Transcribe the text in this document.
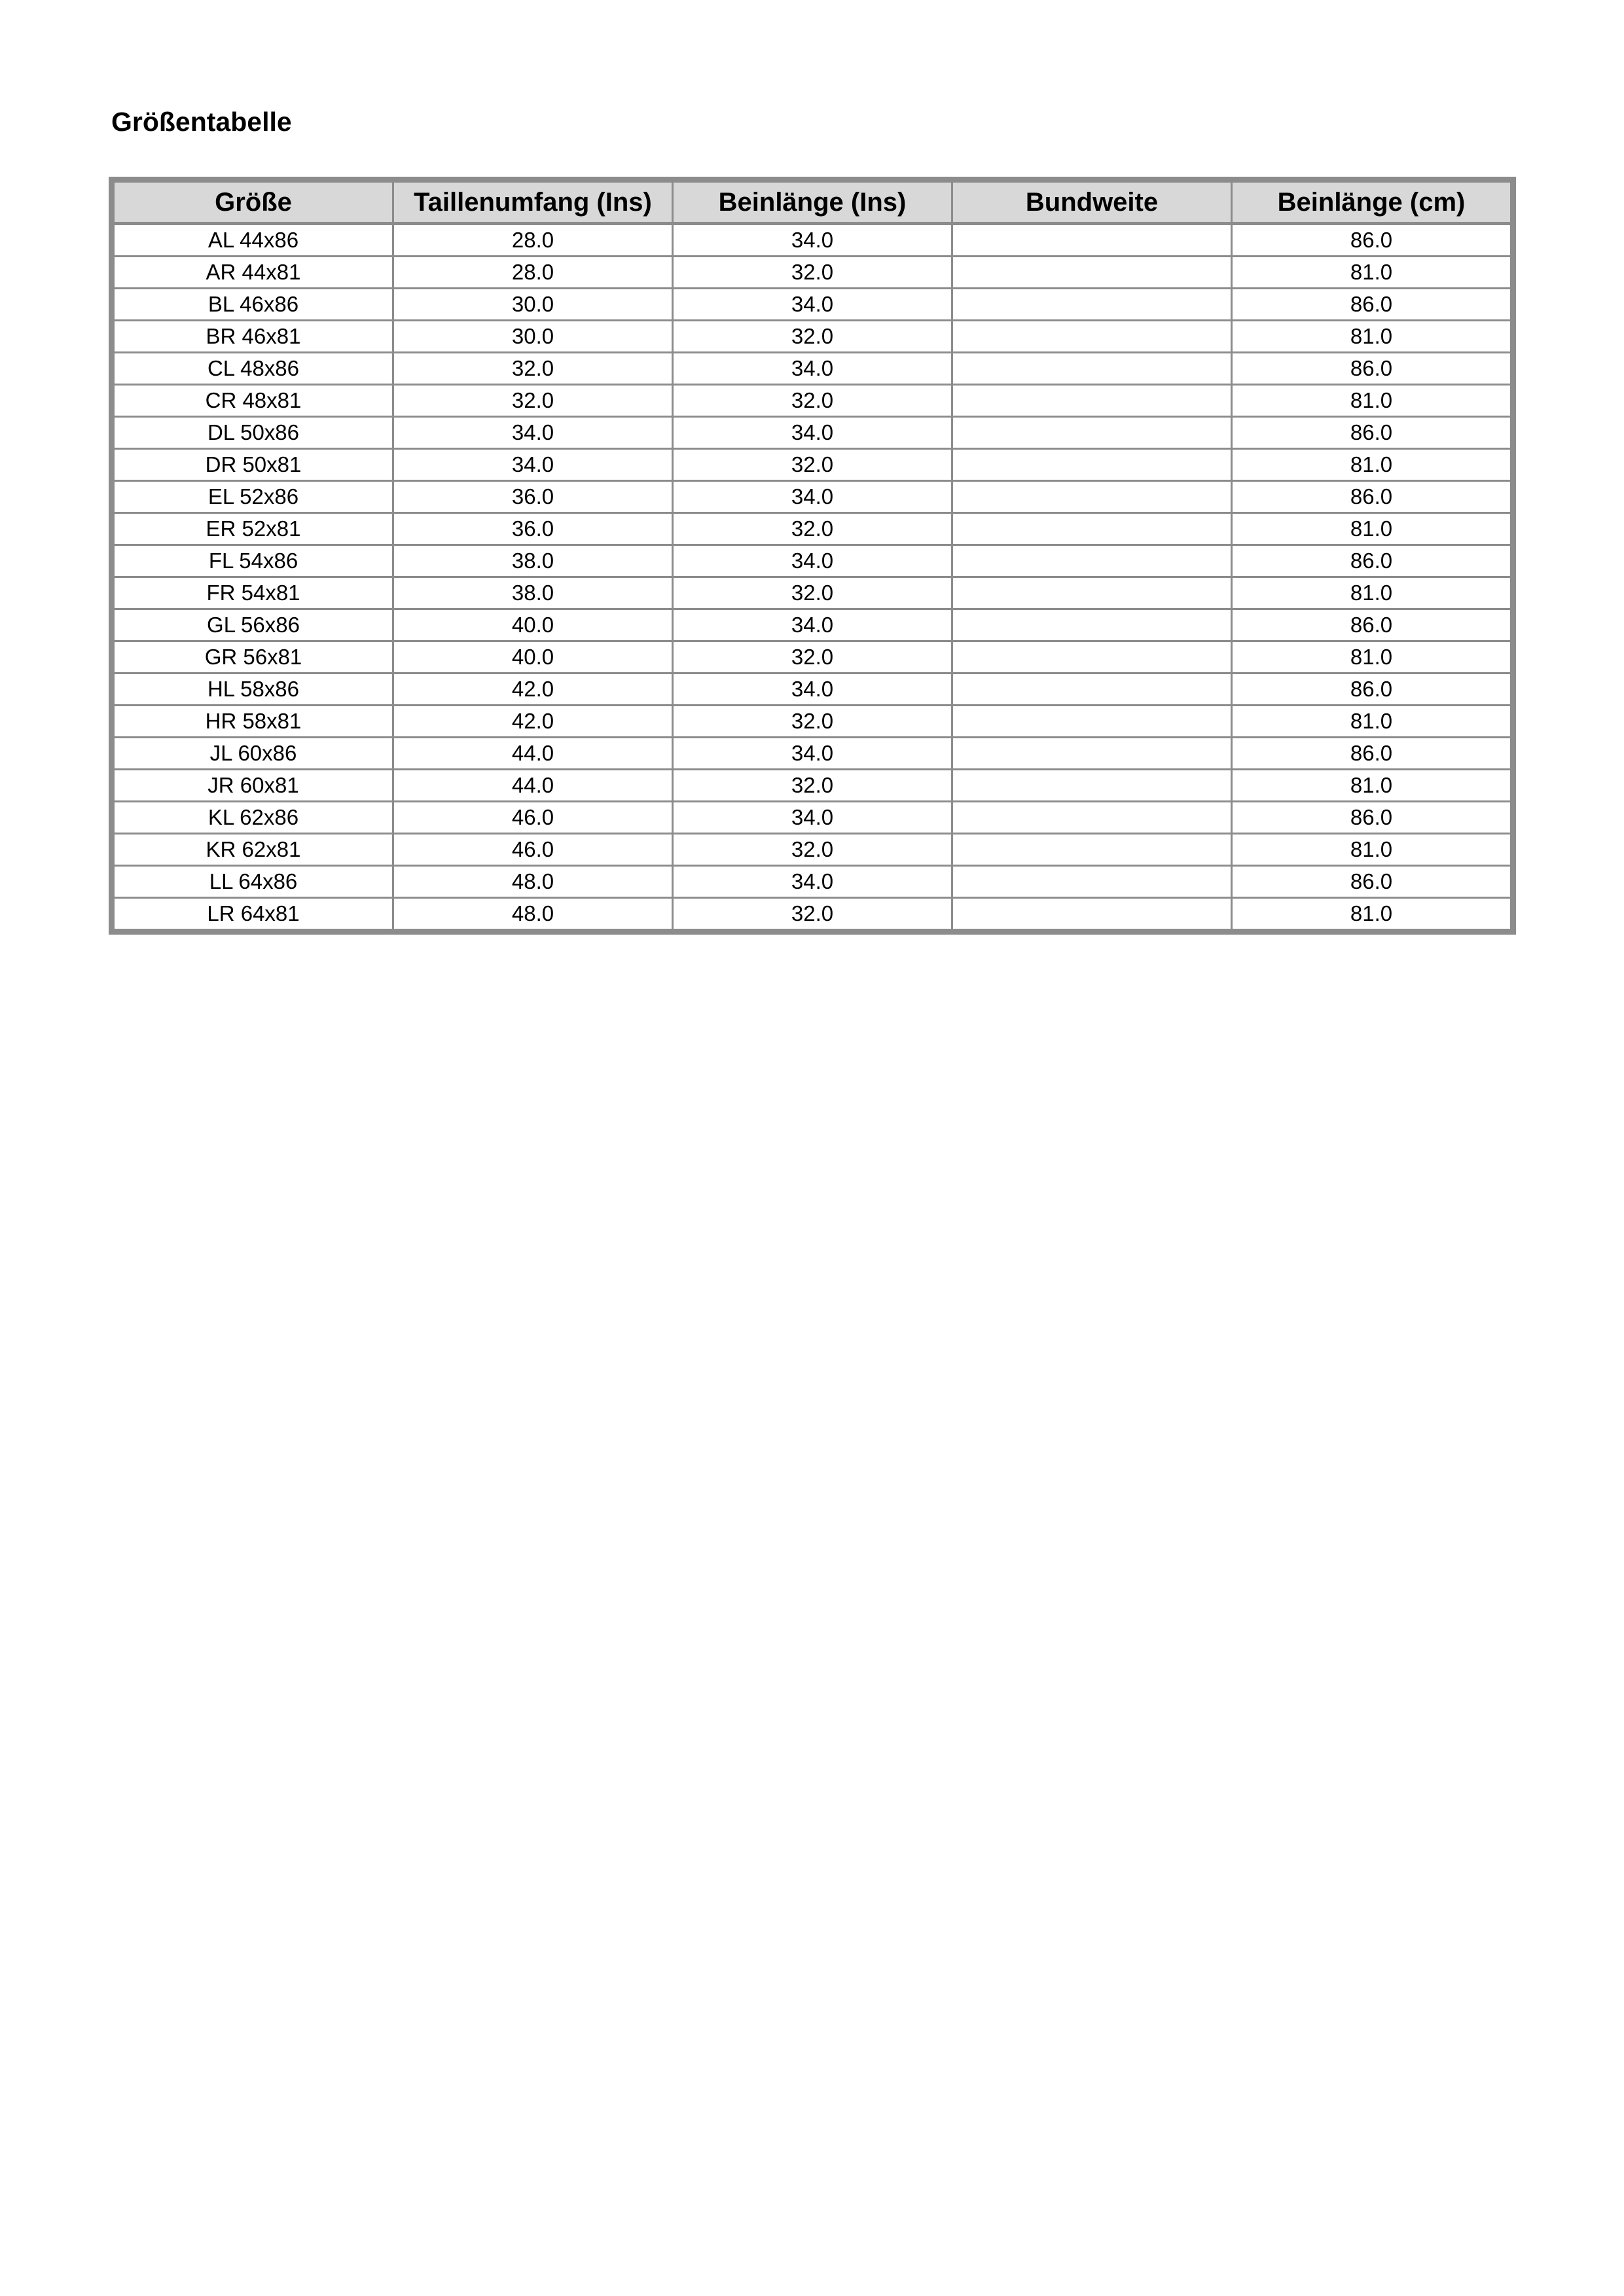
Größentabelle
Größe	Taillenumfang (Ins)	Beinlänge (Ins)	Bundweite	Beinlänge (cm)
AL 44x86	28.0	34.0		86.0
AR 44x81	28.0	32.0		81.0
BL 46x86	30.0	34.0		86.0
BR 46x81	30.0	32.0		81.0
CL 48x86	32.0	34.0		86.0
CR 48x81	32.0	32.0		81.0
DL 50x86	34.0	34.0		86.0
DR 50x81	34.0	32.0		81.0
EL 52x86	36.0	34.0		86.0
ER 52x81	36.0	32.0		81.0
FL 54x86	38.0	34.0		86.0
FR 54x81	38.0	32.0		81.0
GL 56x86	40.0	34.0		86.0
GR 56x81	40.0	32.0		81.0
HL 58x86	42.0	34.0		86.0
HR 58x81	42.0	32.0		81.0
JL 60x86	44.0	34.0		86.0
JR 60x81	44.0	32.0		81.0
KL 62x86	46.0	34.0		86.0
KR 62x81	46.0	32.0		81.0
LL 64x86	48.0	34.0		86.0
LR 64x81	48.0	32.0		81.0
